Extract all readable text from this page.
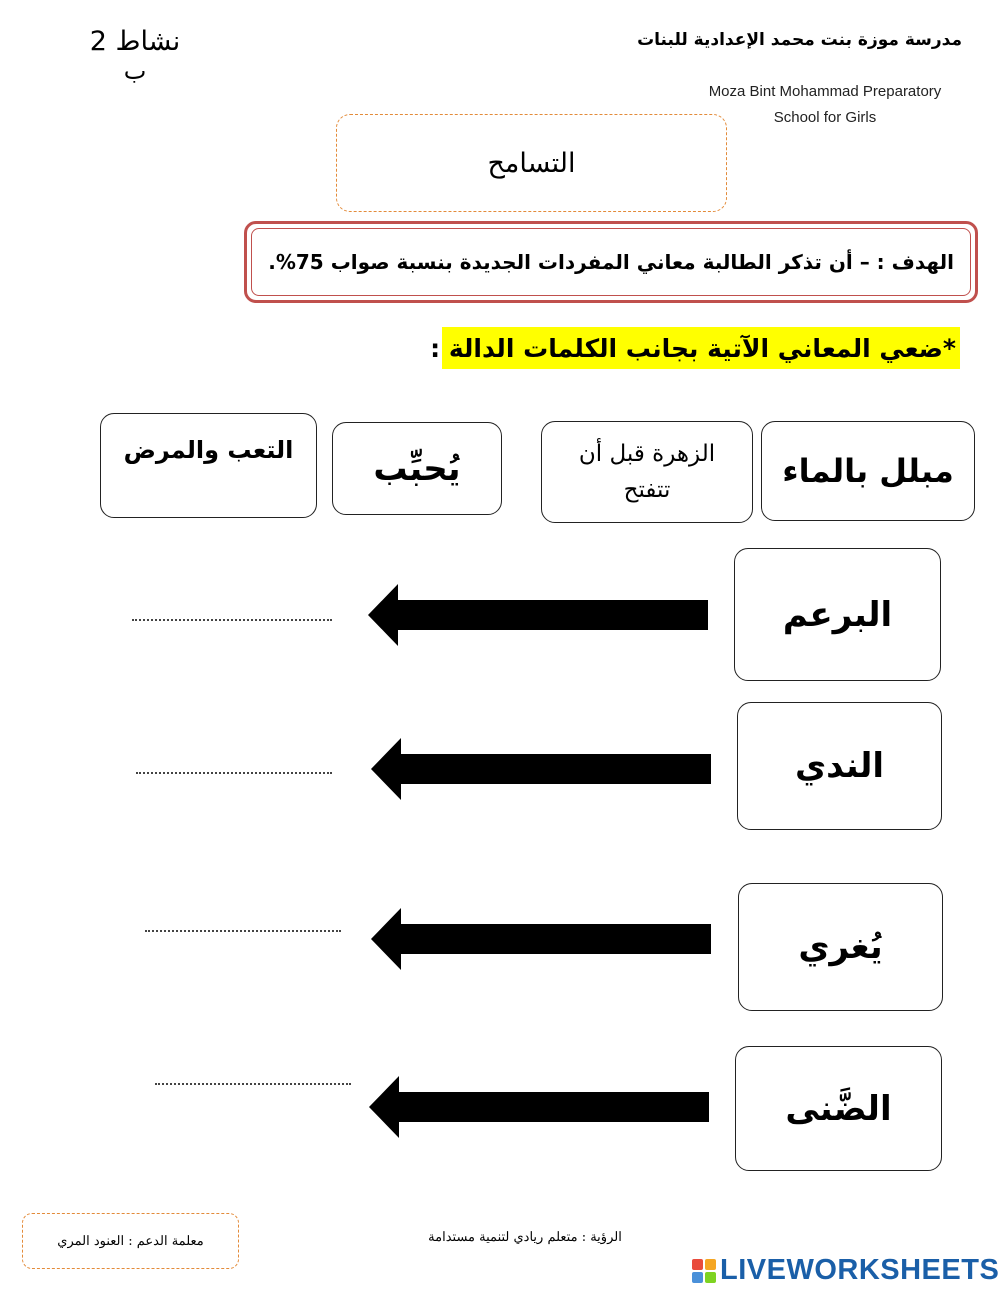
نشاط 2
ب
مدرسة موزة بنت محمد الإعدادية للبنات
Moza Bint Mohammad Preparatory
School for Girls
التسامح
الهدف : – أن تذكر الطالبة معاني المفردات الجديدة بنسبة صواب 75%.
*ضعي المعاني الآتية بجانب الكلمات الدالة :
مبلل بالماء
الزهرة قبل أن تتفتح
يُحبِّب
التعب والمرض
البرعم
الندي
يُغري
الضَّنى
معلمة الدعم : العنود المري	الرؤية : متعلم ريادي لتنمية مستدامة
LIVEWORKSHEETS
